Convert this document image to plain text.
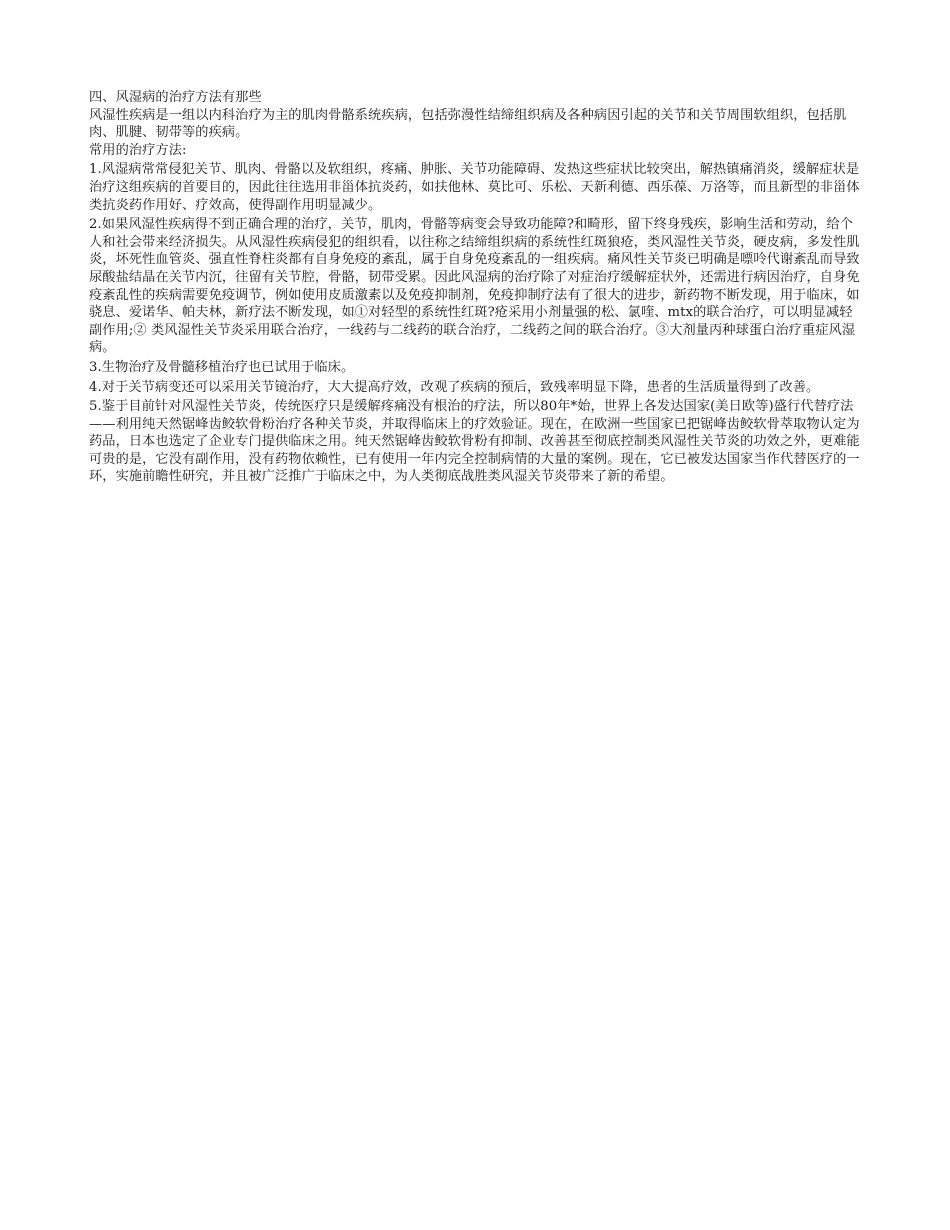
四、风湿病的治疗方法有那些

风湿性疾病是一组以内科治疗为主的肌肉骨骼系统疾病，包括弥漫性结缔组织病及各种病因引起的关节和关节周围软组织，包括肌肉、肌腱、韧带等的疾病。

常用的治疗方法:

1.风湿病常常侵犯关节、肌肉、骨骼以及软组织，疼痛、肿胀、关节功能障碍、发热这些症状比较突出，解热镇痛消炎，缓解症状是治疗这组疾病的首要目的，因此往往选用非甾体抗炎药，如扶他林、莫比可、乐松、天新利德、西乐葆、万洛等，而且新型的非甾体类抗炎药作用好、疗效高，使得副作用明显减少。

2.如果风湿性疾病得不到正确合理的治疗，关节，肌肉，骨骼等病变会导致功能障?和畸形，留下终身残疾，影响生活和劳动，给个人和社会带来经济损失。从风湿性疾病侵犯的组织看，以往称之结缔组织病的系统性红斑狼疮，类风湿性关节炎，硬皮病，多发性肌炎，坏死性血管炎、强直性脊柱炎都有自身免疫的紊乱，属于自身免疫紊乱的一组疾病。痛风性关节炎已明确是嘌呤代谢紊乱而导致尿酸盐结晶在关节内沉，往留有关节腔，骨骼，韧带受累。因此风湿病的治疗除了对症治疗缓解症状外，还需进行病因治疗，自身免疫紊乱性的疾病需要免疫调节，例如使用皮质激素以及免疫抑制剂，免疫抑制疗法有了很大的进步，新药物不断发现，用于临床，如骁息、爱诺华、帕夫林，新疗法不断发现，如①对轻型的系统性红斑?疮采用小剂量强的松、氯喹、mtx的联合治疗，可以明显减轻副作用;② 类风湿性关节炎采用联合治疗，一线药与二线药的联合治疗，二线药之间的联合治疗。③大剂量丙种球蛋白治疗重症风湿病。

3.生物治疗及骨髓移植治疗也已试用于临床。

4.对于关节病变还可以采用关节镜治疗，大大提高疗效，改观了疾病的预后，致残率明显下降，患者的生活质量得到了改善。

5.鉴于目前针对风湿性关节炎，传统医疗只是缓解疼痛没有根治的疗法，所以80年*始，世界上各发达国家(美日欧等)盛行代替疗法——利用纯天然锯峰齿鲛软骨粉治疗各种关节炎，并取得临床上的疗效验证。现在，在欧洲一些国家已把锯峰齿鲛软骨萃取物认定为药品，日本也选定了企业专门提供临床之用。纯天然锯峰齿鲛软骨粉有抑制、改善甚至彻底控制类风湿性关节炎的功效之外，更难能可贵的是，它没有副作用，没有药物依赖性，已有使用一年内完全控制病情的大量的案例。现在，它已被发达国家当作代替医疗的一环，实施前瞻性研究，并且被广泛推广于临床之中，为人类彻底战胜类风湿关节炎带来了新的希望。
